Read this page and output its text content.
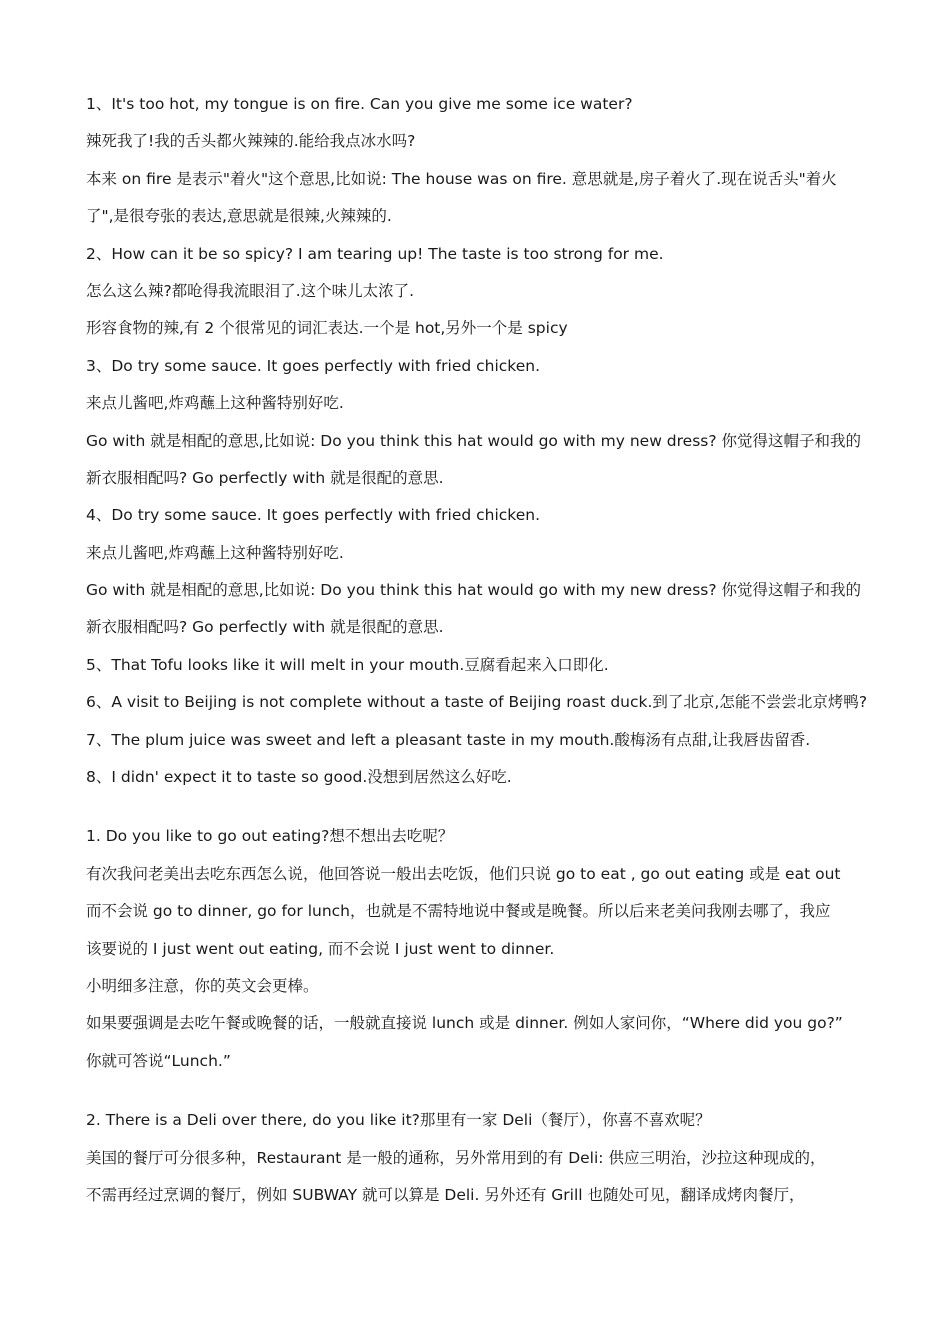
1、It's too hot, my tongue is on fire. Can you give me some ice water?
辣死我了!我的舌头都火辣辣的.能给我点冰水吗?
本来 on fire 是表示"着火"这个意思,比如说: The house was on fire. 意思就是,房子着火了.现在说舌头"着火
了",是很夸张的表达,意思就是很辣,火辣辣的.
2、How can it be so spicy? I am tearing up! The taste is too strong for me.
怎么这么辣?都呛得我流眼泪了.这个味儿太浓了.
形容食物的辣,有 2 个很常见的词汇表达.一个是 hot,另外一个是 spicy
3、Do try some sauce. It goes perfectly with fried chicken.
来点儿酱吧,炸鸡蘸上这种酱特别好吃.
Go with 就是相配的意思,比如说: Do you think this hat would go with my new dress? 你觉得这帽子和我的
新衣服相配吗? Go perfectly with 就是很配的意思.
4、Do try some sauce. It goes perfectly with fried chicken.
来点儿酱吧,炸鸡蘸上这种酱特别好吃.
Go with 就是相配的意思,比如说: Do you think this hat would go with my new dress? 你觉得这帽子和我的
新衣服相配吗? Go perfectly with 就是很配的意思.
5、That Tofu looks like it will melt in your mouth.豆腐看起来入口即化.
6、A visit to Beijing is not complete without a taste of Beijing roast duck.到了北京,怎能不尝尝北京烤鸭?
7、The plum juice was sweet and left a pleasant taste in my mouth.酸梅汤有点甜,让我唇齿留香.
8、I didn' expect it to taste so good.没想到居然这么好吃.
1. Do you like to go out eating?想不想出去吃呢？
有次我问老美出去吃东西怎么说，他回答说一般出去吃饭，他们只说 go to eat , go out eating 或是 eat out
而不会说 go to dinner, go for lunch，也就是不需特地说中餐或是晚餐。所以后来老美问我刚去哪了，我应
该要说的 I just went out eating, 而不会说 I just went to dinner.
小明细多注意，你的英文会更棒。
如果要强调是去吃午餐或晚餐的话，一般就直接说 lunch 或是 dinner. 例如人家问你，“Where did you go?”
你就可答说“Lunch.”
2. There is a Deli over there, do you like it?那里有一家 Deli（餐厅），你喜不喜欢呢？
美国的餐厅可分很多种，Restaurant 是一般的通称，另外常用到的有 Deli: 供应三明治，沙拉这种现成的，
不需再经过烹调的餐厅，例如 SUBWAY 就可以算是 Deli. 另外还有 Grill 也随处可见，翻译成烤肉餐厅，
